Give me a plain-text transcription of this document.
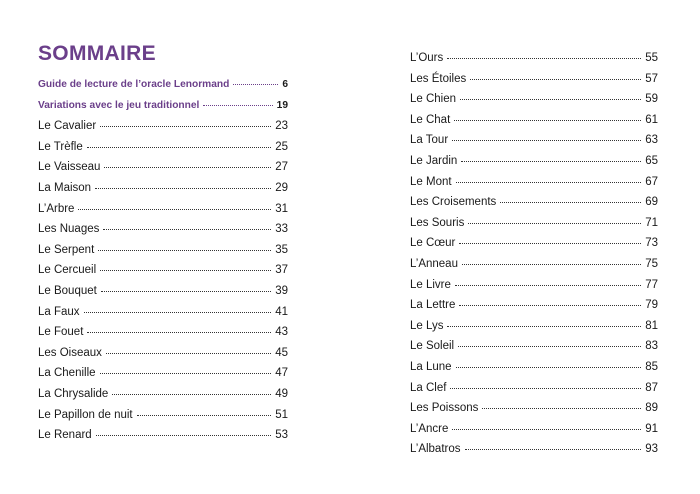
SOMMAIRE
Guide de lecture de l’oracle Lenormand	6
Variations avec le jeu traditionnel	19
Le Cavalier	23
Le Trèfle	25
Le Vaisseau	27
La Maison	29
L’Arbre	31
Les Nuages	33
Le Serpent	35
Le Cercueil	37
Le Bouquet	39
La Faux	41
Le Fouet	43
Les Oiseaux	45
La Chenille	47
La Chrysalide	49
Le Papillon de nuit	51
Le Renard	53
L’Ours	55
Les Étoiles	57
Le Chien	59
Le Chat	61
La Tour	63
Le Jardin	65
Le Mont	67
Les Croisements	69
Les Souris	71
Le Cœur	73
L’Anneau	75
Le Livre	77
La Lettre	79
Le Lys	81
Le Soleil	83
La Lune	85
La Clef	87
Les Poissons	89
L’Ancre	91
L’Albatros	93
